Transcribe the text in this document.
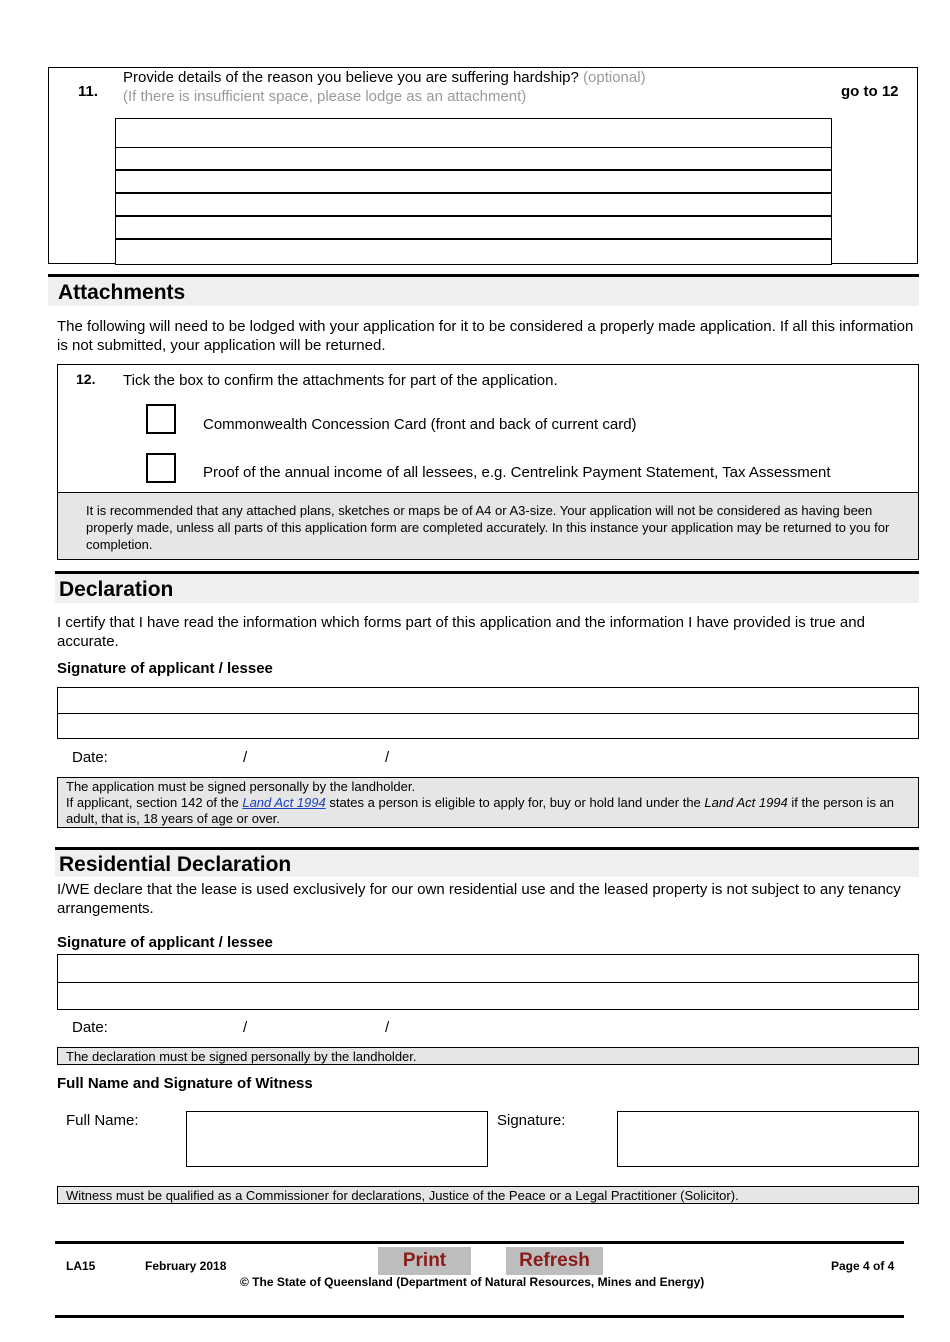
11.
Provide details of the reason you believe you are suffering hardship? (optional)
(If there is insufficient space, please lodge as an attachment)	go to 12
Attachments
The following will need to be lodged with your application for it to be considered a properly made application. If all this information is not submitted, your application will be returned.
12. Tick the box to confirm the attachments for part of the application.
Commonwealth Concession Card (front and back of current card)
Proof of the annual income of all lessees, e.g. Centrelink Payment Statement, Tax Assessment
It is recommended that any attached plans, sketches or maps be of A4 or A3-size. Your application will not be considered as having been properly made, unless all parts of this application form are completed accurately. In this instance your application may be returned to you for completion.
Declaration
I certify that I have read the information which forms part of this application and the information I have provided is true and accurate.
Signature of applicant / lessee
Date:	/	/
The application must be signed personally by the landholder.
If applicant, section 142 of the Land Act 1994 states a person is eligible to apply for, buy or hold land under the Land Act 1994 if the person is an adult, that is, 18 years of age or over.
Residential Declaration
I/WE declare that the lease is used exclusively for our own residential use and the leased property is not subject to any tenancy arrangements.
Signature of applicant / lessee
Date:	/	/
The declaration must be signed personally by the landholder.
Full Name and Signature of Witness
Full Name:	Signature:
Witness must be qualified as a Commissioner for declarations, Justice of the Peace or a Legal Practitioner (Solicitor).
LA15	February 2018	Print	Refresh	Page 4 of 4
© The State of Queensland (Department of Natural Resources, Mines and Energy)
